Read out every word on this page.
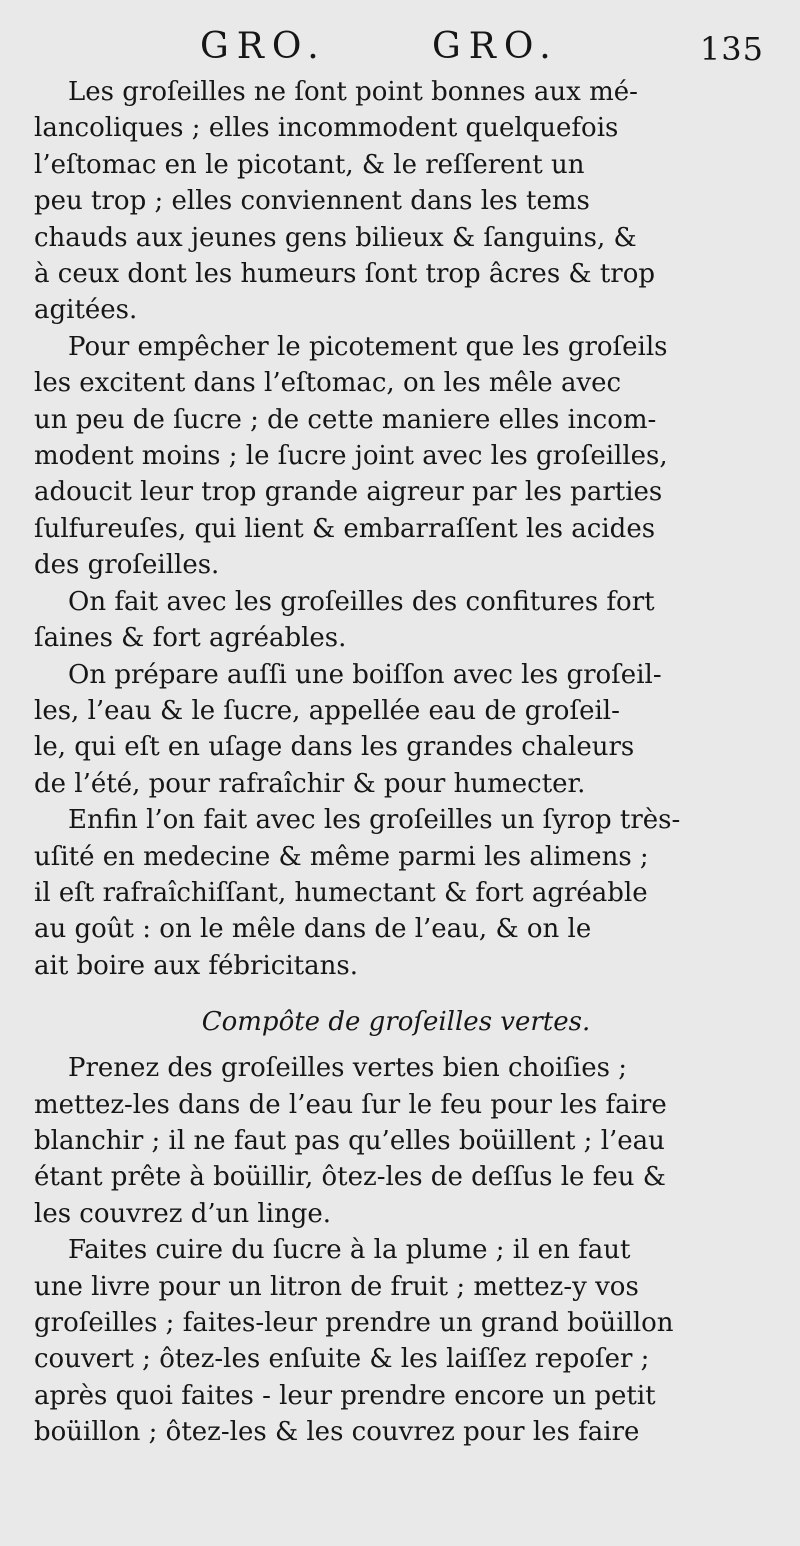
GRO.	GRO.	135

Les groſeilles ne ſont point bonnes aux mé-
lancoliques ; elles incommodent quelquefois
l’eſtomac en le picotant, & le reſſerent un
peu trop ; elles conviennent dans les tems
chauds aux jeunes gens bilieux & ſanguins, &
à ceux dont les humeurs ſont trop âcres & trop
agitées.

Pour empêcher le picotement que les groſeils
les excitent dans l’eſtomac, on les mêle avec
un peu de ſucre ; de cette maniere elles incom-
modent moins ; le ſucre joint avec les groſeilles,
adoucit leur trop grande aigreur par les parties
ſulfureuſes, qui lient & embarraſſent les acides
des groſeilles.

On fait avec les groſeilles des confitures fort
ſaines & fort agréables.

On prépare auſſi une boiſſon avec les groſeil-
les, l’eau & le ſucre, appellée eau de groſeil-
le, qui eſt en uſage dans les grandes chaleurs
de l’été, pour rafraîchir & pour humecter.

Enfin l’on fait avec les groſeilles un ſyrop très-
uſité en medecine & même parmi les alimens ;
il eſt rafraîchiſſant, humectant & fort agréable
au goût : on le mêle dans de l’eau, & on le
ait boire aux fébricitans.

Compôte de groſeilles vertes.

Prenez des groſeilles vertes bien choiſies ;
mettez-les dans de l’eau ſur le feu pour les faire
blanchir ; il ne faut pas qu’elles boüillent ; l’eau
étant prête à boüillir, ôtez-les de deſſus le feu &
les couvrez d’un linge.

Faites cuire du ſucre à la plume ; il en faut
une livre pour un litron de fruit ; mettez-y vos
groſeilles ; faites-leur prendre un grand boüillon
couvert ; ôtez-les enſuite & les laiſſez repoſer ;
après quoi faites - leur prendre encore un petit
boüillon ; ôtez-les & les couvrez pour les faire
